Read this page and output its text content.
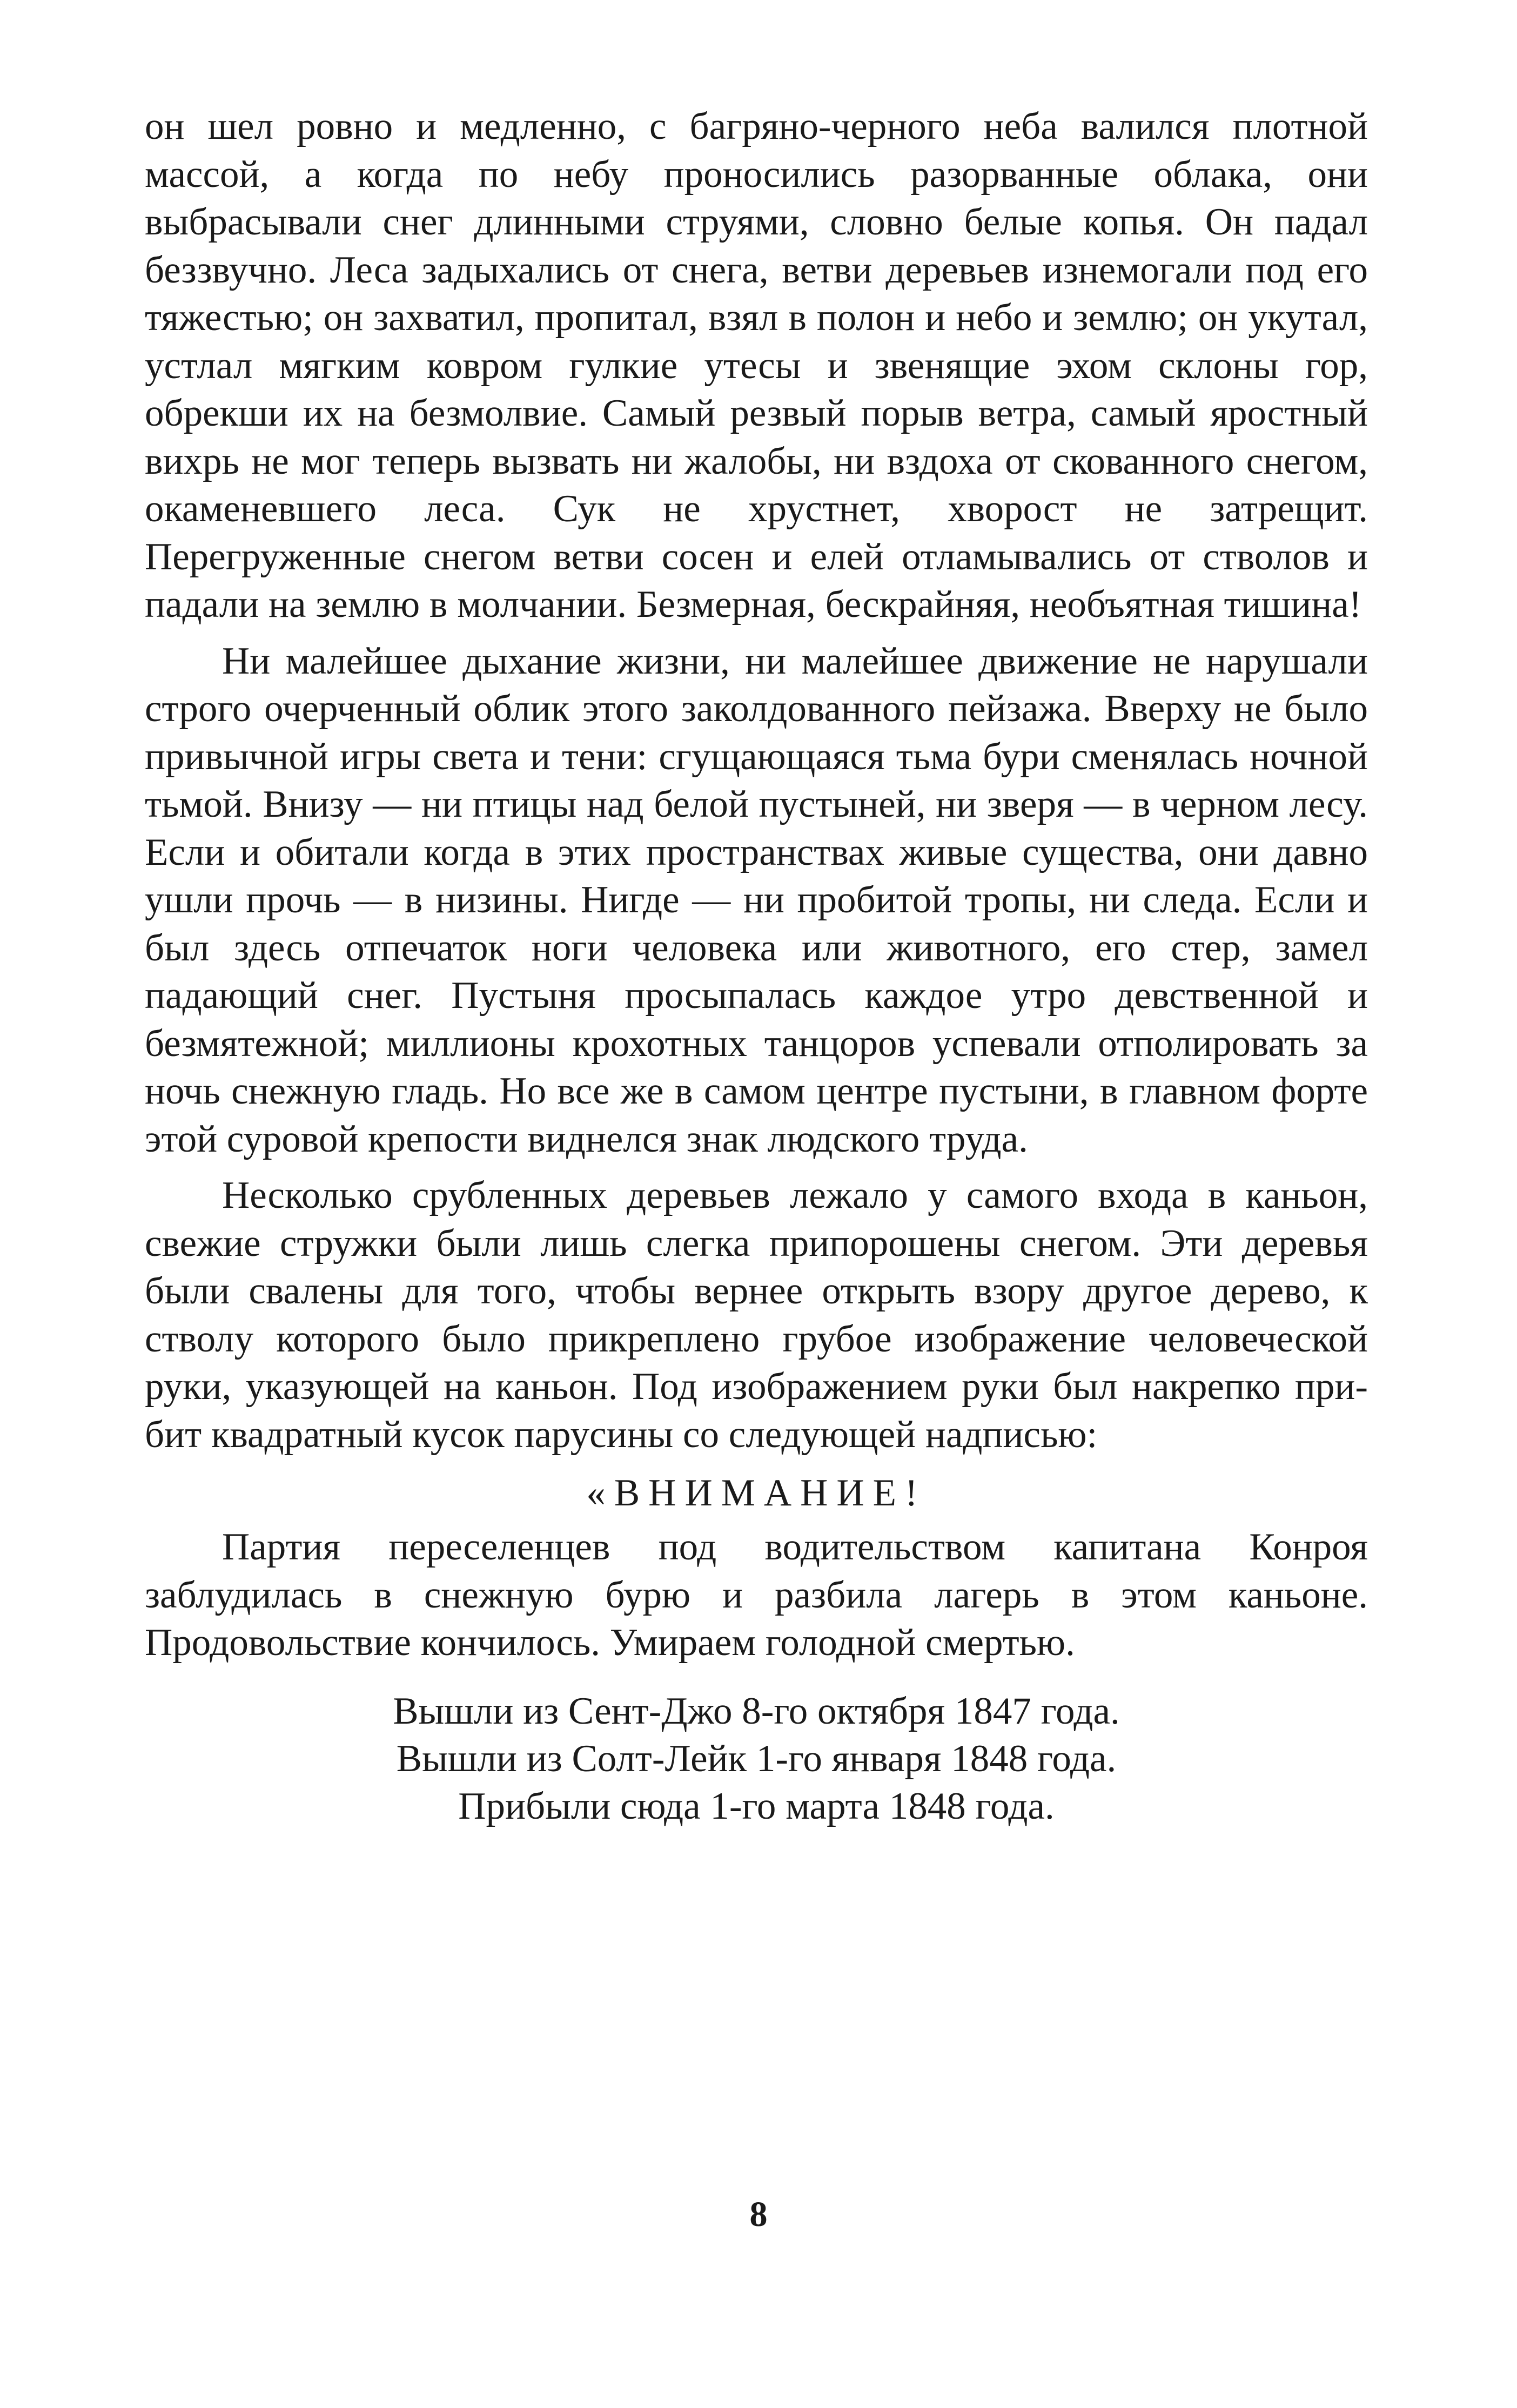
он шел ровно и медленно, с багряно-черного неба валился плотной массой, а когда по небу проносились разорванные облака, они выбрасывали снег длинными струями, словно белые копья. Он падал беззвучно. Леса задыхались от снега, ветви деревьев изнемогали под его тяжестью; он захватил, пропитал, взял в полон и небо и землю; он укутал, устлал мягким ковром гулкие утесы и звенящие эхом склоны гор, обрекши их на безмолвие. Самый резвый порыв ветра, самый яростный вихрь не мог теперь вызвать ни жалобы, ни вздоха от скованного снегом, окаменевшего леса. Сук не хрустнет, хворост не затрещит. Перегруженные снегом ветви сосен и елей отламывались от стволов и падали на землю в молчании. Безмерная, бескрайняя, необъятная тишина!

Ни малейшее дыхание жизни, ни малейшее движение не нарушали строго очерченный облик этого заколдованного пейзажа. Вверху не было привычной игры света и тени: сгущающаяся тьма бури сменялась ночной тьмой. Внизу — ни птицы над белой пустыней, ни зверя — в черном лесу. Если и обитали когда в этих пространствах живые существа, они давно ушли прочь — в низины. Нигде — ни пробитой тропы, ни следа. Если и был здесь отпечаток ноги человека или животного, его стер, замел падающий снег. Пустыня просыпалась каждое утро девственной и безмятежной; миллионы крохотных танцоров успевали отполировать за ночь снежную гладь. Но все же в самом центре пустыни, в главном форте этой суровой крепости виднелся знак людского труда.

Несколько срубленных деревьев лежало у самого входа в каньон, свежие стружки были лишь слегка припорошены снегом. Эти деревья были свалены для того, чтобы вернее открыть взору другое дерево, к стволу которого было прикреплено грубое изображение человеческой руки, указующей на каньон. Под изображением руки был накрепко прибит квадратный кусок парусины со следующей надписью:

«ВНИМАНИЕ!

Партия переселенцев под водительством капитана Конроя заблудилась в снежную бурю и разбила лагерь в этом каньоне. Продовольствие кончилось. Умираем голодной смертью.

Вышли из Сент-Джо 8-го октября 1847 года.
Вышли из Солт-Лейк 1-го января 1848 года.
Прибыли сюда 1-го марта 1848 года.
8
